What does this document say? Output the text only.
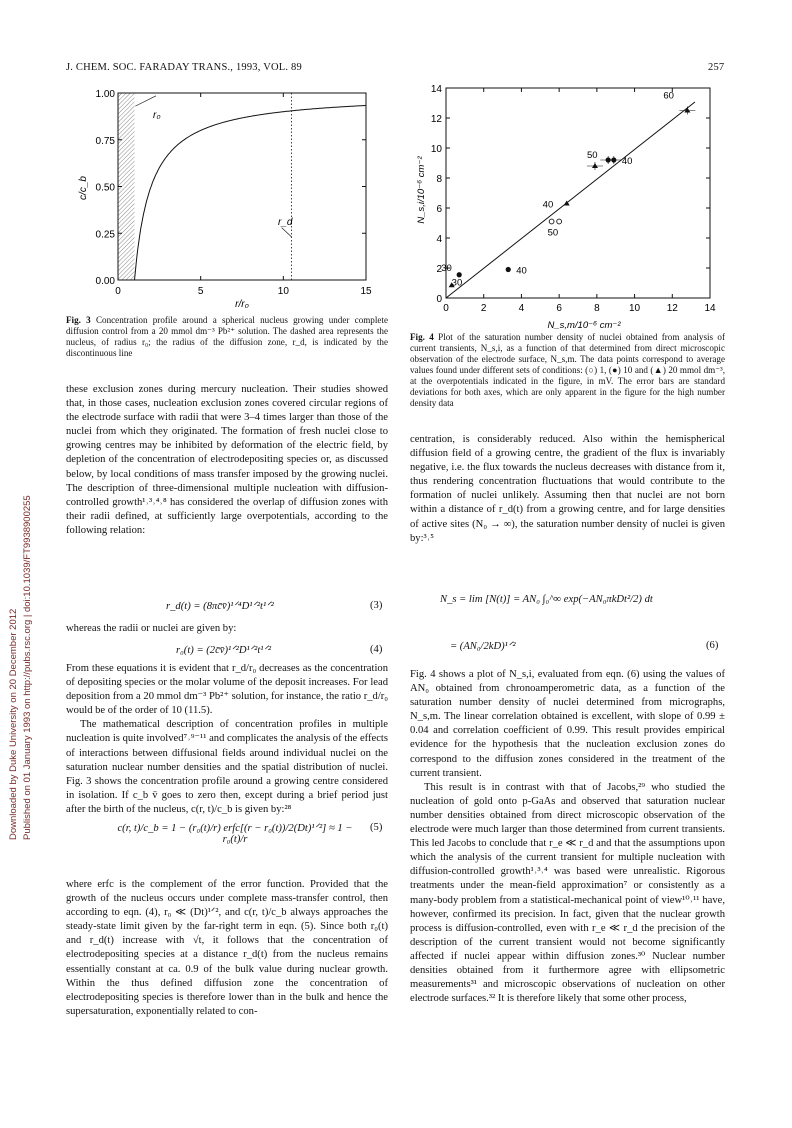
J. CHEM. SOC. FARADAY TRANS., 1993, VOL. 89	257
Downloaded by Duke University on 20 December 2012 Published on 01 January 1993 on http://pubs.rsc.org | doi:10.1039/FT9938900255
0	5	10	15
0.00
0.25
0.50
0.75
1.00
c/c_b
r/r₀
r₀
r_d
Fig. 3 Concentration profile around a spherical nucleus growing under complete diffusion control from a 20 mmol dm⁻³ Pb²⁺ solution. The dashed area represents the nucleus, of radius r₀; the radius of the diffusion zone, r_d, is indicated by the discontinuous line
0	2	4	6	8	10	12	14
0
2
4
6
8
10
12
14
50
30	40
40
30
40
50
60
N_s,i/10⁻⁶ cm⁻²
N_s,m/10⁻⁶ cm⁻²
Fig. 4 Plot of the saturation number density of nuclei obtained from analysis of current transients, N_s,i, as a function of that determined from direct microscopic observation of the electrode surface, N_s,m. The data points correspond to average values found under different sets of conditions: (○) 1, (●) 10 and (▲) 20 mmol dm⁻³, at the overpotentials indicated in the figure, in mV. The error bars are standard deviations for both axes, which are only apparent in the figure for the high number density data

these exclusion zones during mercury nucleation. Their studies showed that, in those cases, nucleation exclusion zones covered circular regions of the electrode surface with radii that were 3–4 times larger than those of the nuclei from which they originated. The formation of fresh nuclei close to growing centres may be inhibited by deformation of the electric field, by depletion of the concentration of electrodepositing species or, as discussed below, by local conditions of mass transfer imposed by the growing nuclei. The description of three-dimensional multiple nucleation with diffusion-controlled growth¹˒³˒⁴˒⁸ has considered the overlap of diffusion zones with their radii defined, at sufficiently large overpotentials, according to the following relation:

r_d(t) = (8πc̄v̄)¹ᐟ⁴D¹ᐟ²t¹ᐟ²	(3)
whereas the radii or nuclei are given by:
r₀(t) = (2c̄v̄)¹ᐟ²D¹ᐟ²t¹ᐟ²	(4)

From these equations it is evident that r_d/r₀ decreases as the concentration of depositing species or the molar volume of the deposit increases. For lead deposition from a 20 mmol dm⁻³ Pb²⁺ solution, for instance, the ratio r_d/r₀ would be of the order of 10 (11.5).

The mathematical description of concentration profiles in multiple nucleation is quite involved⁷˒⁹⁻¹¹ and complicates the analysis of the effects of interactions between diffusional fields around individual nuclei on the saturation nuclear number densities and the spatial distribution of nuclei. Fig. 3 shows the concentration profile around a growing centre considered in isolation. If c_b v̄ goes to zero then, except during a brief period just after the birth of the nucleus, c(r, t)/c_b is given by:²⁸

c(r, t)/c_b = 1 − (r₀(t)/r) erfc[(r − r₀(t))/2(Dt)¹ᐟ²] ≈ 1 − r₀(t)/r
(5)

where erfc is the complement of the error function. Provided that the growth of the nucleus occurs under complete mass-transfer control, then according to eqn. (4), r₀ ≪ (Dt)¹ᐟ², and c(r, t)/c_b always approaches the steady-state limit given by the far-right term in eqn. (5). Since both r₀(t) and r_d(t) increase with √t, it follows that the concentration of electrodepositing species at a distance r_d(t) from the nucleus remains essentially constant at ca. 0.9 of the bulk value during nuclear growth. Within the thus defined diffusion zone the concentration of electrodepositing species is therefore lower than in the bulk and hence the supersaturation, exponentially related to con-

centration, is considerably reduced. Also within the hemispherical diffusion field of a growing centre, the gradient of the flux is invariably negative, i.e. the flux towards the nucleus decreases with distance from it, thus rendering concentration fluctuations that would contribute to the formation of nuclei unlikely. Assuming then that nuclei are not born within a distance of r_d(t) from a growing centre, and for large densities of active sites (N₀ → ∞), the saturation number density of nuclei is given by:³˒⁵

N_s = lim [N(t)] = AN₀ ∫₀^∞ exp(−AN₀πkDt²/2) dt
= (AN₀/2kD)¹ᐟ²	(6)

Fig. 4 shows a plot of N_s,i, evaluated from eqn. (6) using the values of AN₀ obtained from chronoamperometric data, as a function of the saturation number density of nuclei determined from micrographs, N_s,m. The linear correlation obtained is excellent, with slope of 0.99 ± 0.04 and correlation coefficient of 0.99. This result provides empirical evidence for the hypothesis that the nucleation exclusion zones do correspond to the diffusion zones considered in the treatment of the current transient.

This result is in contrast with that of Jacobs,²⁹ who studied the nucleation of gold onto p-GaAs and observed that saturation nuclear number densities obtained from direct microscopic observation of the electrode were much larger than those determined from current transients. This led Jacobs to conclude that r_e ≪ r_d and that the assumptions upon which the analysis of the current transient for multiple nucleation with diffusion-controlled growth¹˒³˒⁴ was based were unrealistic. Rigorous treatments under the mean-field approximation⁷ or consistently as a many-body problem from a statistical-mechanical point of view¹⁰˒¹¹ have, however, confirmed its precision. In fact, given that the nuclear growth process is diffusion-controlled, even with r_e ≪ r_d the precision of the description of the current transient would not become significantly affected if nuclei appear within diffusion zones.³⁰ Nuclear number densities obtained from it furthermore agree with ellipsometric measurements³¹ and microscopic observations of nucleation on other electrode surfaces.³² It is therefore likely that some other process,
